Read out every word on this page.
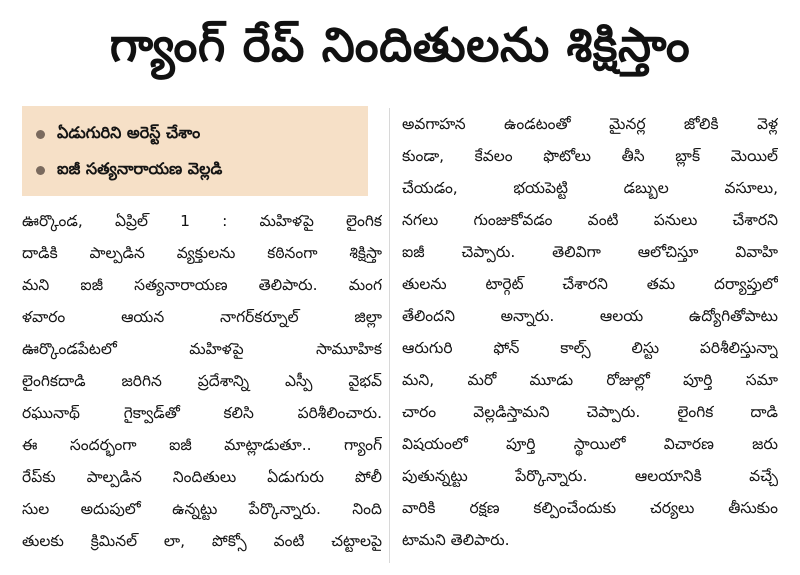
గ్యాంగ్ రేప్ నిందితులను శిక్షిస్తాం
ఏడుగురిని అరెస్ట్ చేశాం
ఐజీ సత్యనారాయణ వెల్లడి
ఊర్కొండ, ఏప్రిల్ 1 : మహిళపై లైంగిక
దాడికి పాల్పడిన వ్యక్తులను కఠినంగా శిక్షిస్తా
మని ఐజీ సత్యనారాయణ తెలిపారు. మంగ
ళవారం ఆయన నాగర్‌కర్నూల్ జిల్లా
ఊర్కొండపేటలో మహిళపై సామూహిక
లైంగికదాడి జరిగిన ప్రదేశాన్ని ఎస్పీ వైభవ్
రఘునాథ్ గైక్వాడ్‌తో కలిసి పరిశీలించారు.
ఈ సందర్భంగా ఐజీ మాట్లాడుతూ.. గ్యాంగ్
రేప్‌కు పాల్పడిన నిందితులు ఏడుగురు పోలీ
సుల అదుపులో ఉన్నట్టు పేర్కొన్నారు. నింది
తులకు క్రిమినల్ లా, పోక్సో వంటి చట్టాలపై
అవగాహన ఉండటంతో మైనర్ల జోలికి వెళ్ల
కుండా, కేవలం ఫొటోలు తీసి బ్లాక్ మెయిల్
చేయడం, భయపెట్టి డబ్బుల వసూలు,
నగలు గుంజుకోవడం వంటి పనులు చేశారని
ఐజీ చెప్పారు. తెలివిగా ఆలోచిస్తూ వివాహి
తులను టార్గెట్ చేశారని తమ దర్యాప్తులో
తేలిందని అన్నారు. ఆలయ ఉద్యోగితోపాటు
ఆరుగురి ఫోన్ కాల్స్ లిస్టు పరిశీలిస్తున్నా
మని, మరో మూడు రోజుల్లో పూర్తి సమా
చారం వెల్లడిస్తామని చెప్పారు. లైంగిక దాడి
విషయంలో పూర్తి స్థాయిలో విచారణ జరు
పుతున్నట్టు పేర్కొన్నారు. ఆలయానికి వచ్చే
వారికి రక్షణ కల్పించేందుకు చర్యలు తీసుకుం
టామని తెలిపారు.
